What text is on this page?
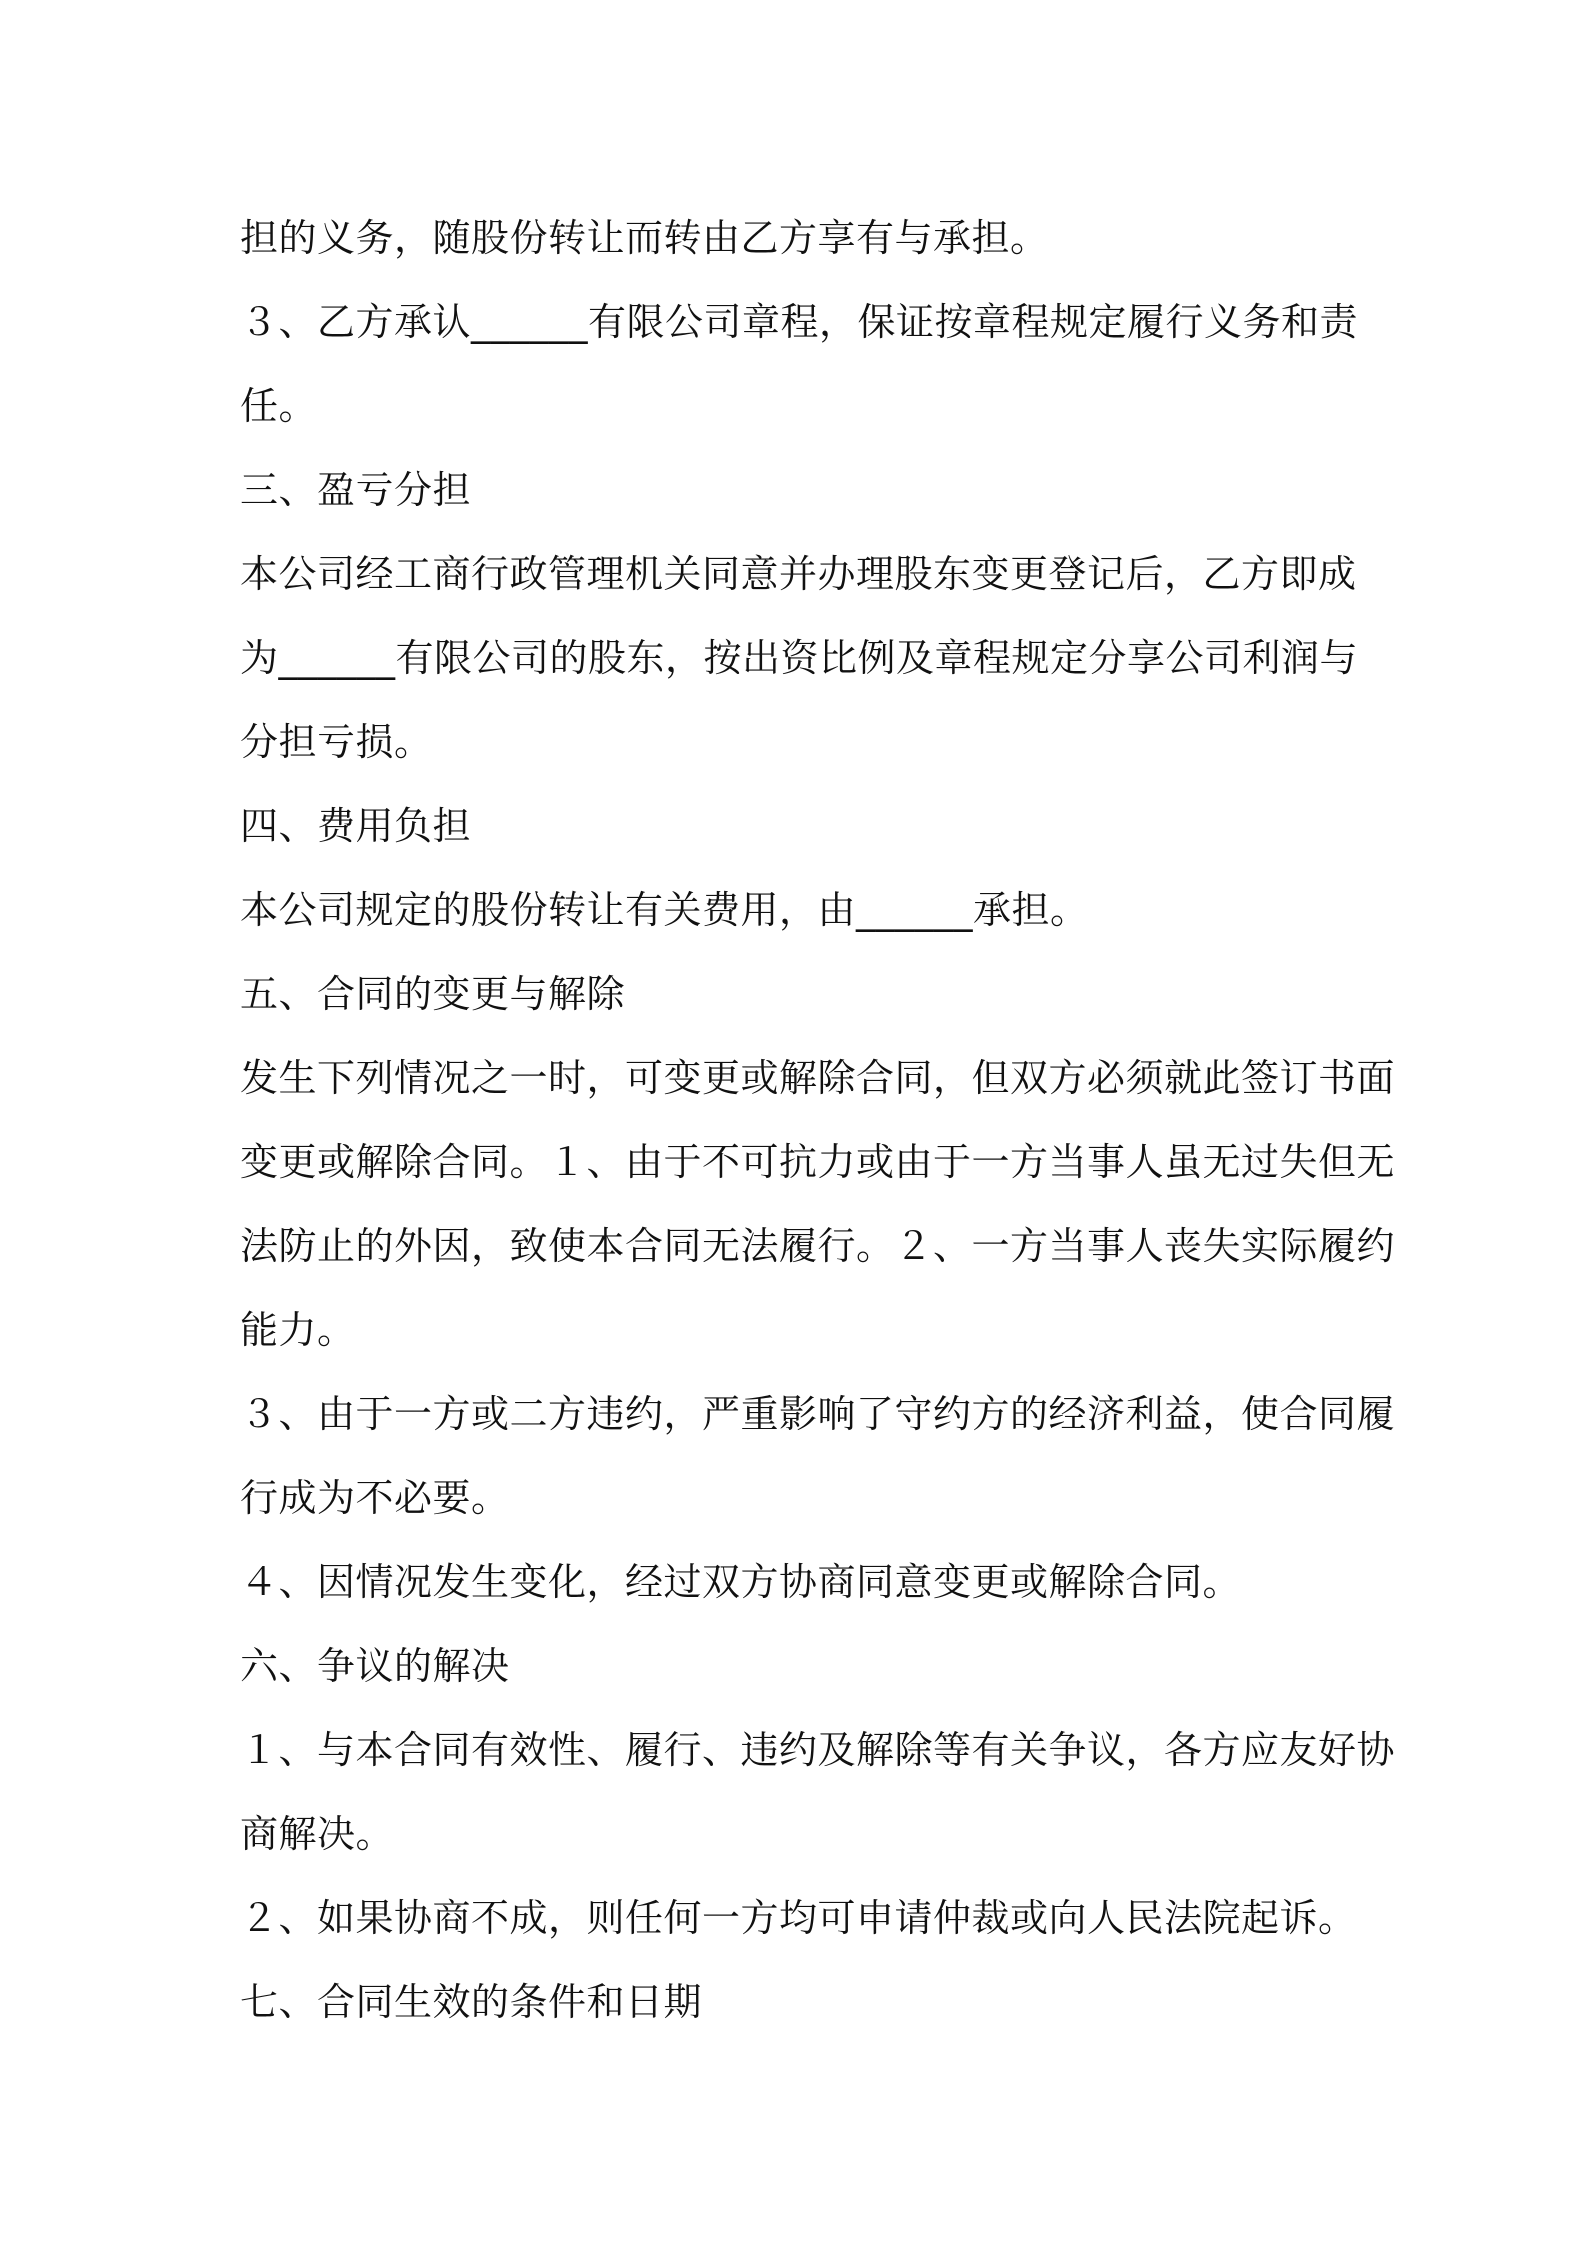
担的义务，随股份转让而转由乙方享有与承担。
３、乙方承认______有限公司章程，保证按章程规定履行义务和责
任。
三、盈亏分担
本公司经工商行政管理机关同意并办理股东变更登记后，乙方即成
为______有限公司的股东，按出资比例及章程规定分享公司利润与
分担亏损。
四、费用负担
本公司规定的股份转让有关费用，由______承担。
五、合同的变更与解除
发生下列情况之一时，可变更或解除合同，但双方必须就此签订书面
变更或解除合同。１、由于不可抗力或由于一方当事人虽无过失但无
法防止的外因，致使本合同无法履行。２、一方当事人丧失实际履约
能力。
３、由于一方或二方违约，严重影响了守约方的经济利益，使合同履
行成为不必要。
４、因情况发生变化，经过双方协商同意变更或解除合同。
六、争议的解决
１、与本合同有效性、履行、违约及解除等有关争议，各方应友好协
商解决。
２、如果协商不成，则任何一方均可申请仲裁或向人民法院起诉。
七、合同生效的条件和日期
